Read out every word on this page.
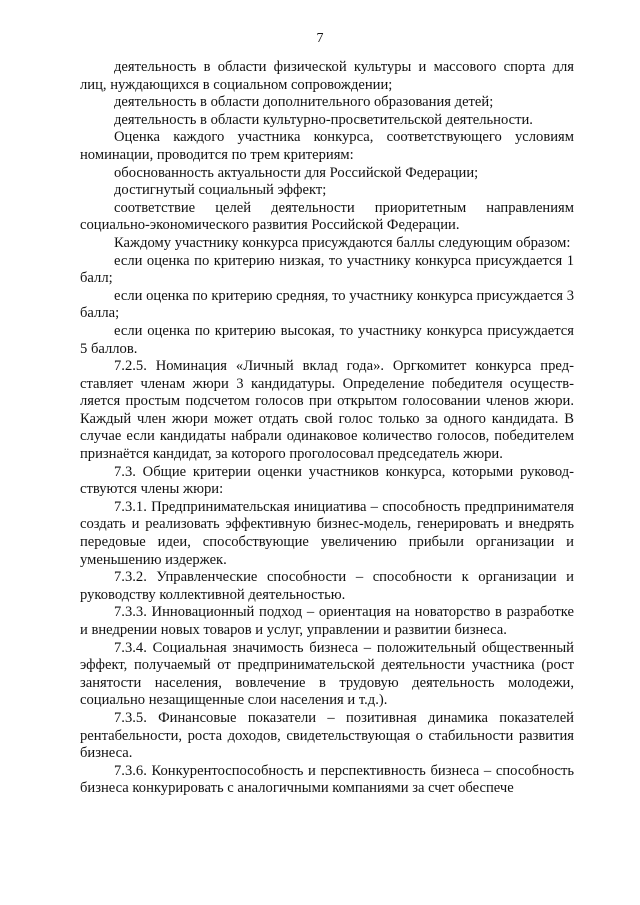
7

деятельность в области физической культуры и массового спорта для лиц, нуждающихся в социальном сопровождении;

деятельность в области дополнительного образования детей;

деятельность в области культурно-просветительской деятельности.

Оценка каждого участника конкурса, соответствующего условиям номинации, проводится по трем критериям:

обоснованность актуальности для Российской Федерации;

достигнутый социальный эффект;

соответствие целей деятельности приоритетным направлениям социально-экономического развития Российской Федерации.

Каждому участнику конкурса присуждаются баллы следующим образом:

если оценка по критерию низкая, то участнику конкурса присуждается 1 балл;

если оценка по критерию средняя, то участнику конкурса присуждается 3 балла;

если оценка по критерию высокая, то участнику конкурса присуждается 5 баллов.

7.2.5. Номинация «Личный вклад года». Оргкомитет конкурса представляет членам жюри 3 кандидатуры. Определение победителя осуществляется простым подсчетом голосов при открытом голосовании членов жюри. Каждый член жюри может отдать свой голос только за одного кандидата. В случае если кандидаты набрали одинаковое количество голосов, победителем признаётся кандидат, за которого проголосовал председатель жюри.

7.3. Общие критерии оценки участников конкурса, которыми руководствуются члены жюри:

7.3.1. Предпринимательская инициатива – способность предпринимателя создать и реализовать эффективную бизнес-модель, генерировать и внедрять передовые идеи, способствующие увеличению прибыли организации и уменьшению издержек.

7.3.2. Управленческие способности – способности к организации и руководству коллективной деятельностью.

7.3.3. Инновационный подход – ориентация на новаторство в разработке и внедрении новых товаров и услуг, управлении и развитии бизнеса.

7.3.4. Социальная значимость бизнеса – положительный общественный эффект, получаемый от предпринимательской деятельности участника (рост занятости населения, вовлечение в трудовую деятельность молодежи, социально незащищенные слои населения и т.д.).

7.3.5. Финансовые показатели – позитивная динамика показателей рентабельности, роста доходов, свидетельствующая о стабильности развития бизнеса.

7.3.6. Конкурентоспособность и перспективность бизнеса – способность бизнеса конкурировать с аналогичными компаниями за счет обеспече
